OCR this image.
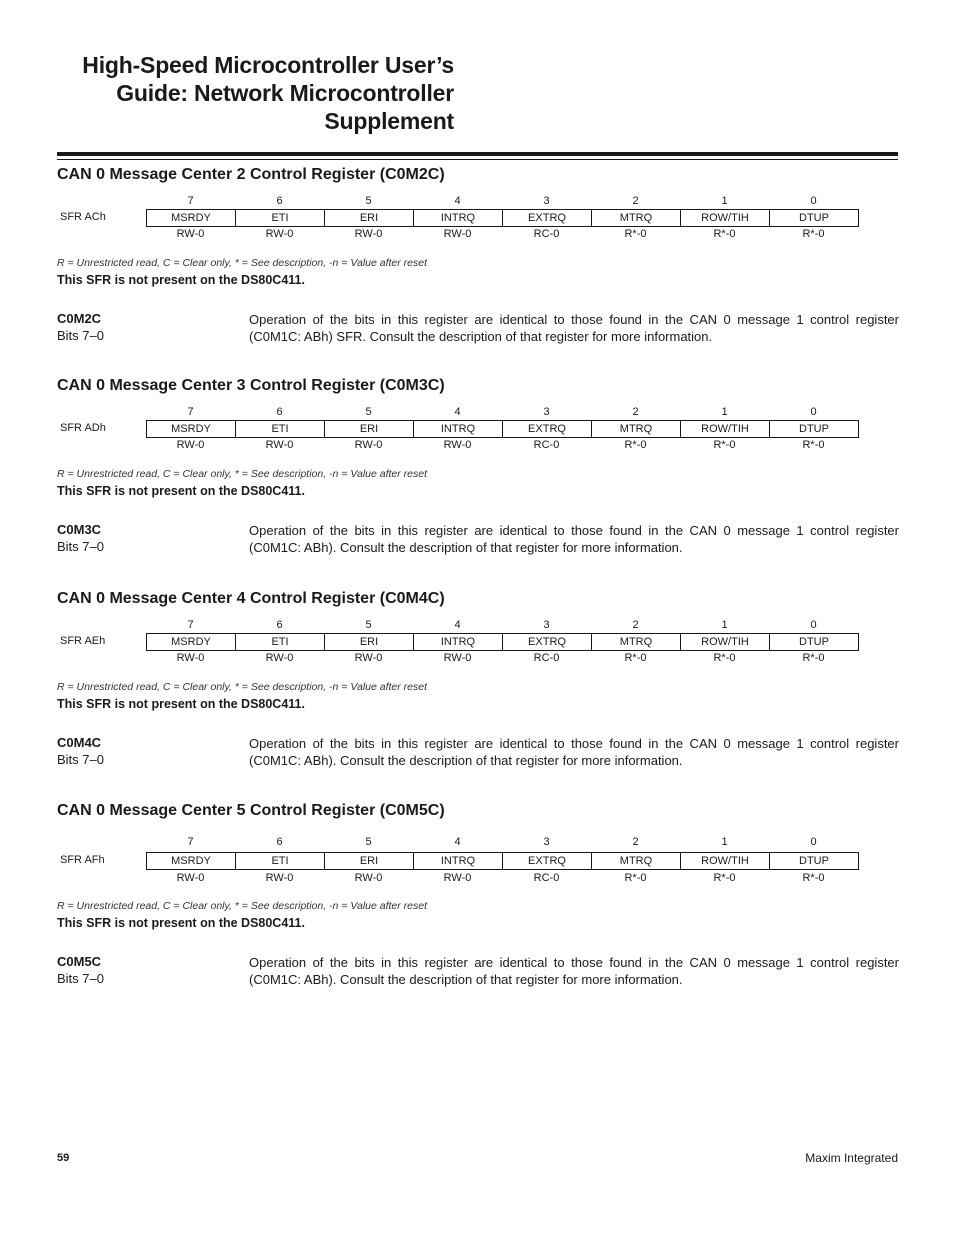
High-Speed Microcontroller User’s Guide: Network Microcontroller Supplement
CAN 0 Message Center 2 Control Register (C0M2C)
7	6	5	4	3	2	1	0
SFR ACh	MSRDY	ETI	ERI	INTRQ	EXTRQ	MTRQ	ROW/TIH	DTUP
RW-0	RW-0	RW-0	RW-0	RC-0	R*-0	R*-0	R*-0
R = Unrestricted read, C = Clear only, * = See description, -n = Value after reset
This SFR is not present on the DS80C411.
C0M2C
Bits 7–0
Operation of the bits in this register are identical to those found in the CAN 0 message 1 control register (C0M1C: ABh) SFR. Consult the description of that register for more information.
CAN 0 Message Center 3 Control Register (C0M3C)
7	6	5	4	3	2	1	0
SFR ADh	MSRDY	ETI	ERI	INTRQ	EXTRQ	MTRQ	ROW/TIH	DTUP
RW-0	RW-0	RW-0	RW-0	RC-0	R*-0	R*-0	R*-0
R = Unrestricted read, C = Clear only, * = See description, -n = Value after reset
This SFR is not present on the DS80C411.
C0M3C
Bits 7–0
Operation of the bits in this register are identical to those found in the CAN 0 message 1 control register (C0M1C: ABh). Consult the description of that register for more information.
CAN 0 Message Center 4 Control Register (C0M4C)
7	6	5	4	3	2	1	0
SFR AEh	MSRDY	ETI	ERI	INTRQ	EXTRQ	MTRQ	ROW/TIH	DTUP
RW-0	RW-0	RW-0	RW-0	RC-0	R*-0	R*-0	R*-0
R = Unrestricted read, C = Clear only, * = See description, -n = Value after reset
This SFR is not present on the DS80C411.
C0M4C
Bits 7–0
Operation of the bits in this register are identical to those found in the CAN 0 message 1 control register (C0M1C: ABh). Consult the description of that register for more information.
CAN 0 Message Center 5 Control Register (C0M5C)
7	6	5	4	3	2	1	0
SFR AFh	MSRDY	ETI	ERI	INTRQ	EXTRQ	MTRQ	ROW/TIH	DTUP
RW-0	RW-0	RW-0	RW-0	RC-0	R*-0	R*-0	R*-0
R = Unrestricted read, C = Clear only, * = See description, -n = Value after reset
This SFR is not present on the DS80C411.
C0M5C
Bits 7–0
Operation of the bits in this register are identical to those found in the CAN 0 message 1 control register (C0M1C: ABh). Consult the description of that register for more information.
59	Maxim Integrated
